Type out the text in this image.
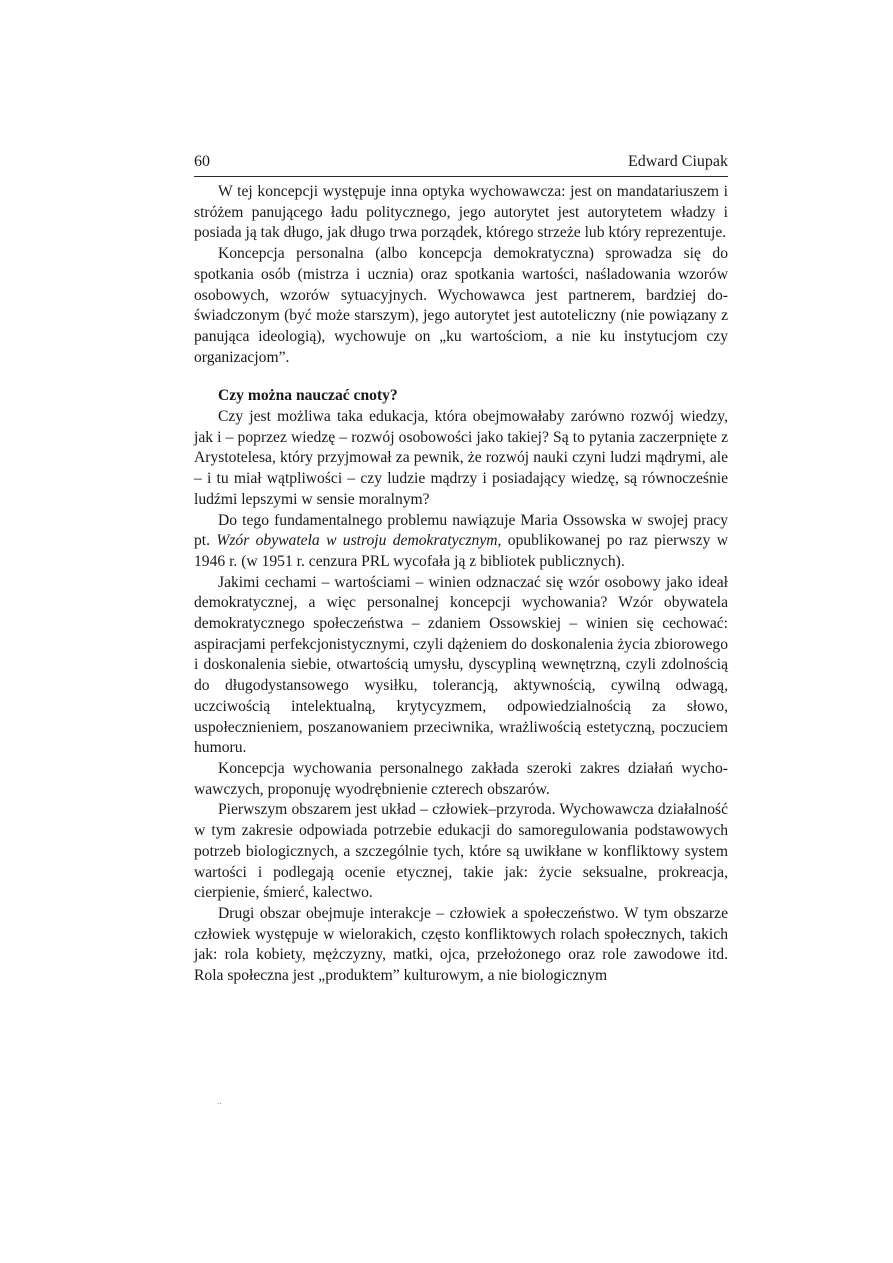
60	Edward Ciupak

W tej koncepcji występuje inna optyka wychowawcza: jest on mandatariuszem i stróżem panującego ładu politycznego, jego autorytet jest autorytetem władzy i posiada ją tak długo, jak długo trwa porządek, którego strzeże lub który reprezentuje.

Koncepcja personalna (albo koncepcja demokratyczna) sprowadza się do spotkania osób (mistrza i ucznia) oraz spotkania wartości, naśladowania wzorów osobowych, wzorów sytuacyjnych. Wychowawca jest partnerem, bardziej doświadczonym (być może starszym), jego autorytet jest autoteliczny (nie powiązany z panująca ideologią), wychowuje on „ku wartościom, a nie ku instytucjom czy organizacjom”.

Czy można nauczać cnoty?

Czy jest możliwa taka edukacja, która obejmowałaby zarówno rozwój wiedzy, jak i – poprzez wiedzę – rozwój osobowości jako takiej? Są to pytania zaczerpnięte z Arystotelesa, który przyjmował za pewnik, że rozwój nauki czyni ludzi mądrymi, ale – i tu miał wątpliwości – czy ludzie mądrzy i posiadający wiedzę, są równocześnie ludźmi lepszymi w sensie moralnym?

Do tego fundamentalnego problemu nawiązuje Maria Ossowska w swojej pracy pt. Wzór obywatela w ustroju demokratycznym, opublikowanej po raz pierwszy w 1946 r. (w 1951 r. cenzura PRL wycofała ją z bibliotek publicznych).

Jakimi cechami – wartościami – winien odznaczać się wzór osobowy jako ideał demokratycznej, a więc personalnej koncepcji wychowania? Wzór obywatela demokratycznego społeczeństwa – zdaniem Ossowskiej – winien się cechować: aspiracjami perfekcjonistycznymi, czyli dążeniem do doskonalenia życia zbiorowego i doskonalenia siebie, otwartością umysłu, dyscypliną wewnętrzną, czyli zdolnością do długodystansowego wysiłku, tolerancją, aktywnością, cywilną odwagą, uczciwością intelektualną, krytycyzmem, odpowiedzialnością za słowo, uspołecznieniem, poszanowaniem przeciwnika, wrażliwością estetyczną, poczuciem humoru.

Koncepcja wychowania personalnego zakłada szeroki zakres działań wychowawczych, proponuję wyodrębnienie czterech obszarów.

Pierwszym obszarem jest układ – człowiek–przyroda. Wychowawcza działalność w tym zakresie odpowiada potrzebie edukacji do samoregulowania podstawowych potrzeb biologicznych, a szczególnie tych, które są uwikłane w konfliktowy system wartości i podlegają ocenie etycznej, takie jak: życie seksualne, prokreacja, cierpienie, śmierć, kalectwo.

Drugi obszar obejmuje interakcje – człowiek a społeczeństwo. W tym obszarze człowiek występuje w wielorakich, często konfliktowych rolach społecznych, takich jak: rola kobiety, mężczyzny, matki, ojca, przełożonego oraz role zawodowe itd. Rola społeczna jest „produktem” kulturowym, a nie biologicznym

..
